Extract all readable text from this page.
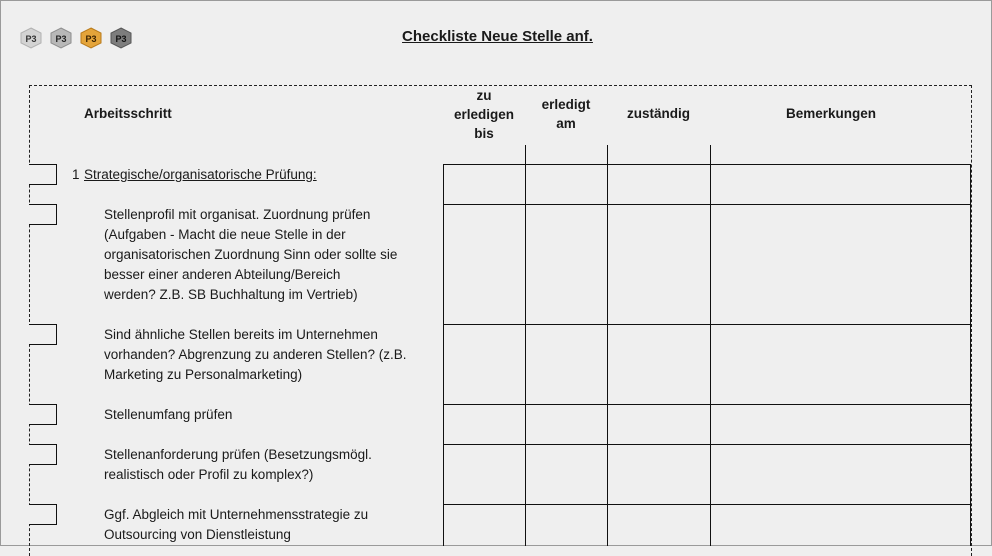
P3 P3 P3 P3	Checkliste Neue Stelle anf.
Arbeitsschritt
zu
erledigen
bis
erledigt
am
zuständig	Bemerkungen
1 Strategische/organisatorische Prüfung:
Stellenprofil mit organisat. Zuordnung prüfen
(Aufgaben - Macht die neue Stelle in der
organisatorischen Zuordnung Sinn oder sollte sie
besser einer anderen Abteilung/Bereich
werden? Z.B. SB Buchhaltung im Vertrieb)
Sind ähnliche Stellen bereits im Unternehmen
vorhanden? Abgrenzung zu anderen Stellen? (z.B.
Marketing zu Personalmarketing)
Stellenumfang prüfen
Stellenanforderung prüfen (Besetzungsmögl.
realistisch oder Profil zu komplex?)
Ggf. Abgleich mit Unternehmensstrategie zu
Outsourcing von Dienstleistung
